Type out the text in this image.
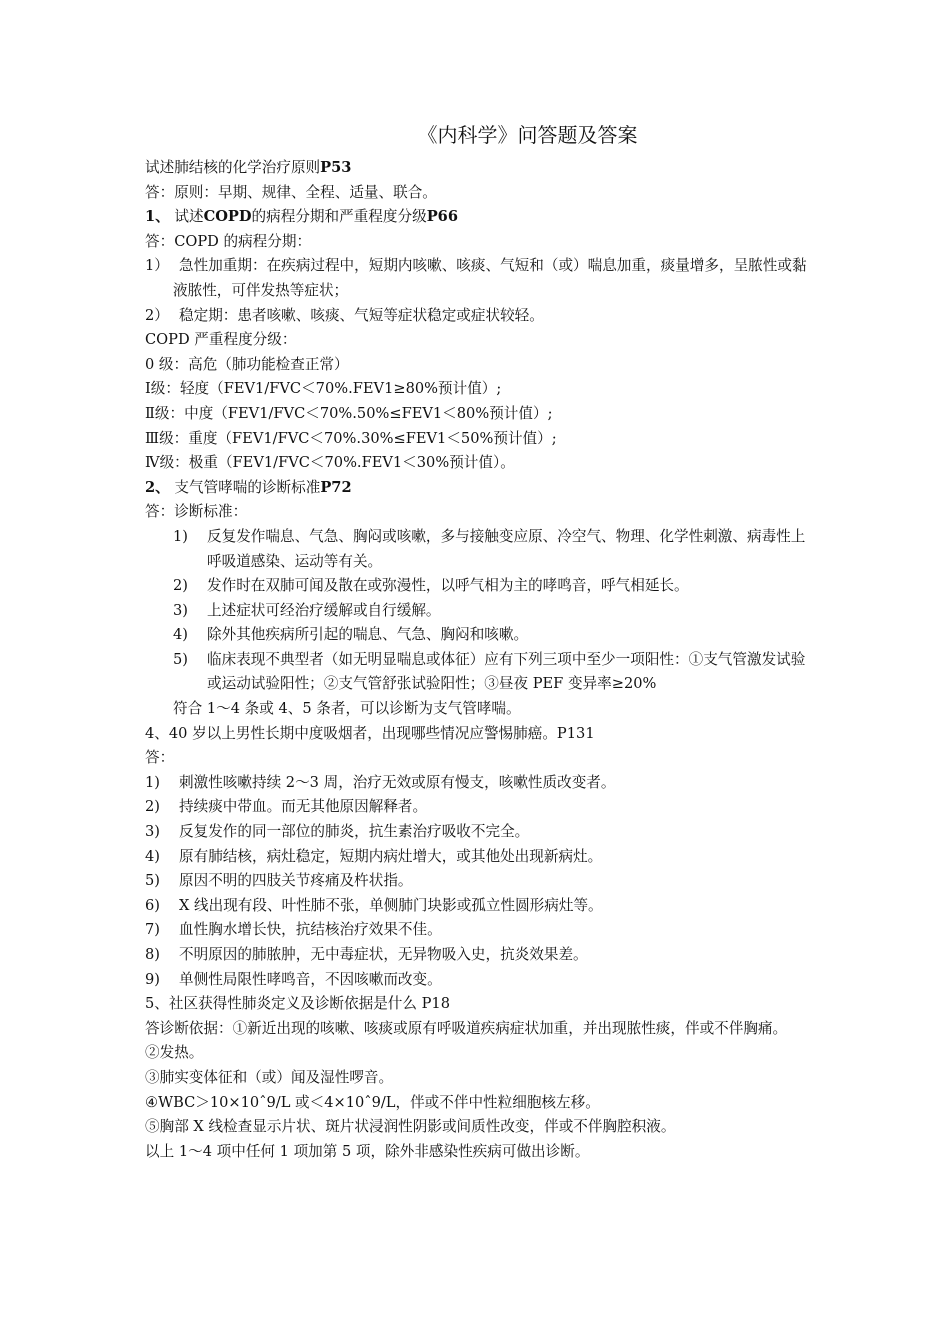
《内科学》问答题及答案

试述肺结核的化学治疗原则P53

答：原则：早期、规律、全程、适量、联合。

1、 试述COPD的病程分期和严重程度分级P66

答：COPD 的病程分期：

1） 急性加重期：在疾病过程中，短期内咳嗽、咳痰、气短和（或）喘息加重，痰量增多，呈脓性或黏液脓性，可伴发热等症状；

2） 稳定期：患者咳嗽、咳痰、气短等症状稳定或症状较轻。

COPD 严重程度分级：

0 级：高危（肺功能检查正常）

Ⅰ级：轻度（FEV1/FVC＜70%.FEV1≥80%预计值）;

Ⅱ级：中度（FEV1/FVC＜70%.50%≤FEV1＜80%预计值）;

Ⅲ级：重度（FEV1/FVC＜70%.30%≤FEV1＜50%预计值）;

Ⅳ级：极重（FEV1/FVC＜70%.FEV1＜30%预计值）。

2、 支气管哮喘的诊断标准P72

答：诊断标准：

1) 反复发作喘息、气急、胸闷或咳嗽，多与接触变应原、冷空气、物理、化学性刺激、病毒性上呼吸道感染、运动等有关。

2) 发作时在双肺可闻及散在或弥漫性，以呼气相为主的哮鸣音，呼气相延长。

3) 上述症状可经治疗缓解或自行缓解。

4) 除外其他疾病所引起的喘息、气急、胸闷和咳嗽。

5) 临床表现不典型者（如无明显喘息或体征）应有下列三项中至少一项阳性：①支气管激发试验或运动试验阳性；②支气管舒张试验阳性；③昼夜 PEF 变异率≥20%

符合 1～4 条或 4、5 条者，可以诊断为支气管哮喘。

4、40 岁以上男性长期中度吸烟者，出现哪些情况应警惕肺癌。P131

答：

1) 刺激性咳嗽持续 2～3 周，治疗无效或原有慢支，咳嗽性质改变者。

2) 持续痰中带血。而无其他原因解释者。

3) 反复发作的同一部位的肺炎，抗生素治疗吸收不完全。

4) 原有肺结核，病灶稳定，短期内病灶增大，或其他处出现新病灶。

5) 原因不明的四肢关节疼痛及杵状指。

6) X 线出现有段、叶性肺不张，单侧肺门块影或孤立性圆形病灶等。

7) 血性胸水增长快，抗结核治疗效果不佳。

8) 不明原因的肺脓肿，无中毒症状，无异物吸入史，抗炎效果差。

9) 单侧性局限性哮鸣音，不因咳嗽而改变。

5、社区获得性肺炎定义及诊断依据是什么 P18

答诊断依据：①新近出现的咳嗽、咳痰或原有呼吸道疾病症状加重，并出现脓性痰，伴或不伴胸痛。

②发热。

③肺实变体征和（或）闻及湿性啰音。

④WBC＞10×10ˆ9/L 或＜4×10ˆ9/L，伴或不伴中性粒细胞核左移。

⑤胸部 X 线检查显示片状、斑片状浸润性阴影或间质性改变，伴或不伴胸腔积液。

以上 1～4 项中任何 1 项加第 5 项，除外非感染性疾病可做出诊断。
